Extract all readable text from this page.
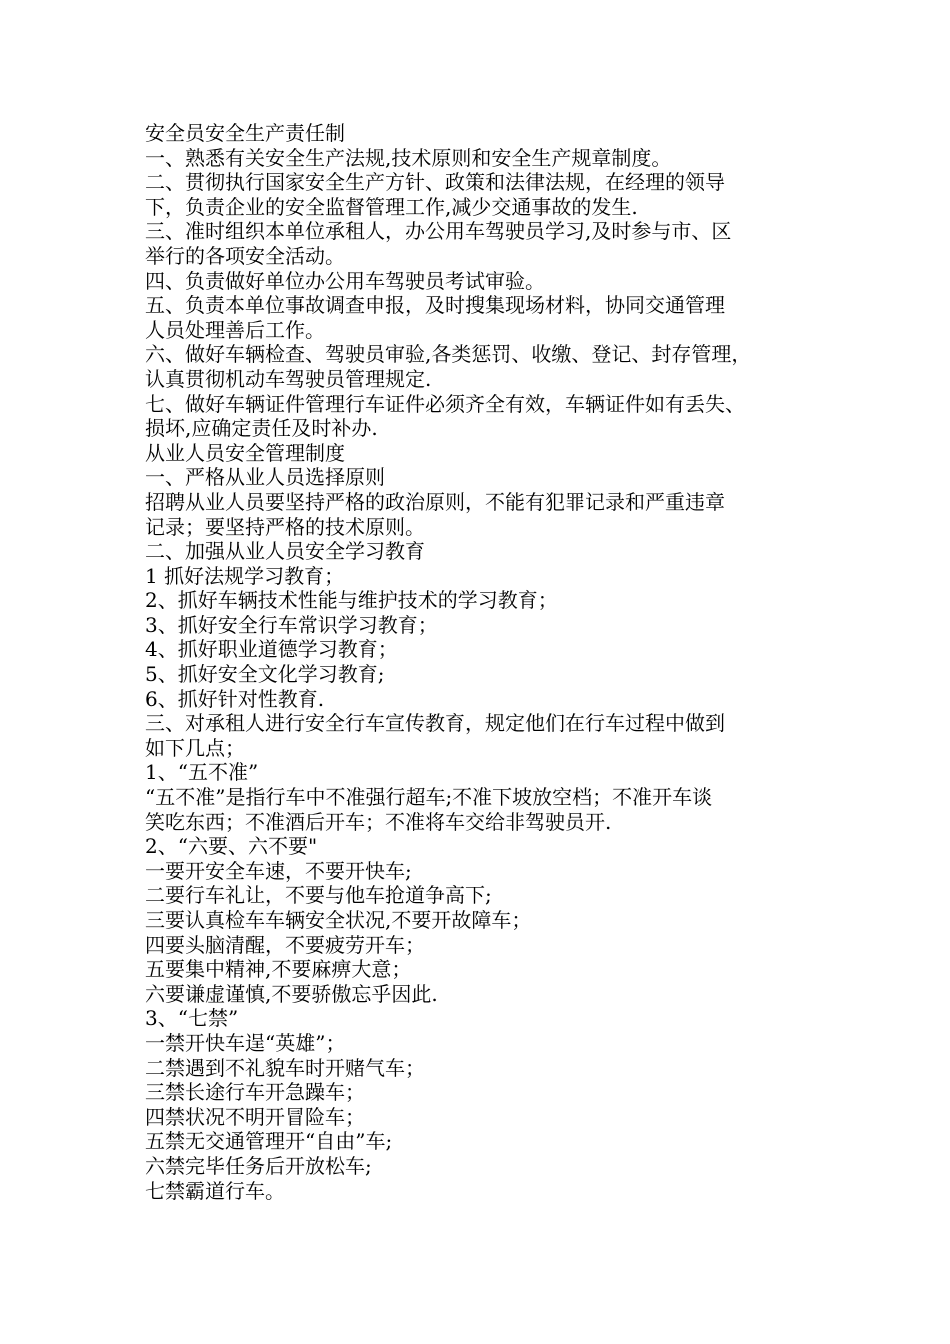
安全员安全生产责任制
一、熟悉有关安全生产法规,技术原则和安全生产规章制度。
二、贯彻执行国家安全生产方针、政策和法律法规，在经理的领导
下，负责企业的安全监督管理工作,减少交通事故的发生.
三、准时组织本单位承租人，办公用车驾驶员学习,及时参与市、区
举行的各项安全活动。
四、负责做好单位办公用车驾驶员考试审验。
五、负责本单位事故调查申报，及时搜集现场材料，协同交通管理
人员处理善后工作。
六、做好车辆检查、驾驶员审验,各类惩罚、收缴、登记、封存管理，
认真贯彻机动车驾驶员管理规定.
七、做好车辆证件管理行车证件必须齐全有效，车辆证件如有丢失、
损坏,应确定责任及时补办.
从业人员安全管理制度
一、严格从业人员选择原则
招聘从业人员要坚持严格的政治原则，不能有犯罪记录和严重违章
记录；要坚持严格的技术原则。
二、加强从业人员安全学习教育
1 抓好法规学习教育；
2、抓好车辆技术性能与维护技术的学习教育；
3、抓好安全行车常识学习教育；
4、抓好职业道德学习教育；
5、抓好安全文化学习教育;
6、抓好针对性教育.
三、对承租人进行安全行车宣传教育，规定他们在行车过程中做到
如下几点；
1、“五不准”
“五不准”是指行车中不准强行超车;不准下坡放空档；不准开车谈
笑吃东西；不准酒后开车；不准将车交给非驾驶员开.
2、“六要、六不要"
一要开安全车速，不要开快车;
二要行车礼让，不要与他车抢道争高下;
三要认真检车车辆安全状况,不要开故障车；
四要头脑清醒，不要疲劳开车；
五要集中精神,不要麻痹大意；
六要谦虚谨慎,不要骄傲忘乎因此.
3、“七禁”
一禁开快车逞“英雄”；
二禁遇到不礼貌车时开赌气车；
三禁长途行车开急躁车；
四禁状况不明开冒险车；
五禁无交通管理开“自由”车;
六禁完毕任务后开放松车;
七禁霸道行车。
